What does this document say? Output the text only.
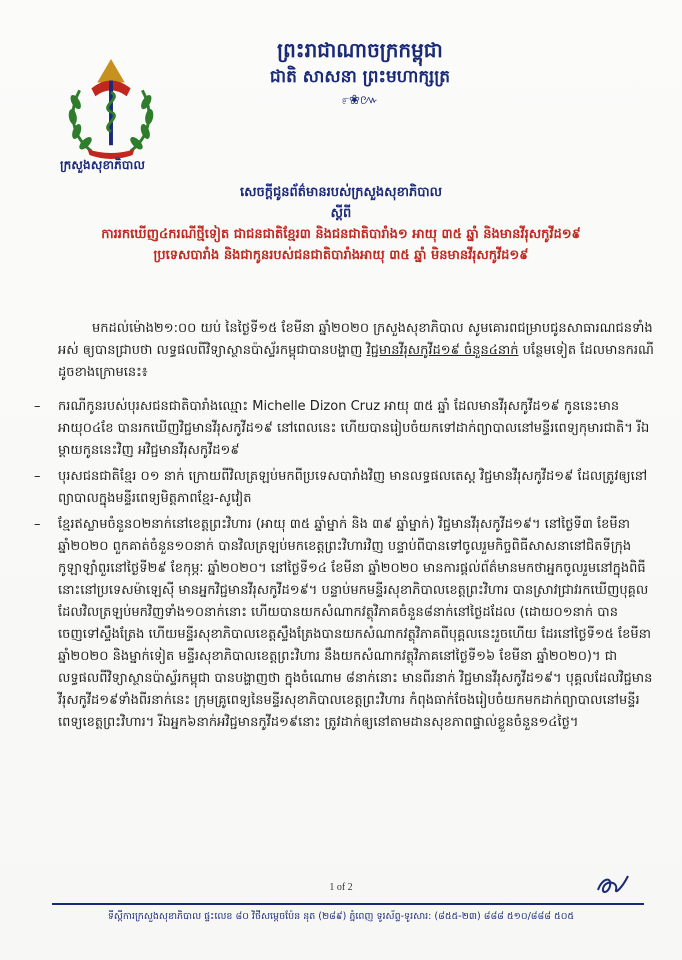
ក្រសួងសុខាភិបាល
ព្រះរាជាណាចក្រកម្ពុជា
ជាតិ សាសនា ព្រះមហាក្សត្រ
೯❀៚
សេចក្តីជូនព័ត៌មានរបស់ក្រសួងសុខាភិបាល
ស្តីពី
ការរកឃើញ៤ករណីថ្មីទៀត ជាជនជាតិខ្មែរ៣ និងជនជាតិបារាំង១ អាយុ ៣៥ ឆ្នាំ និងមានវីរុសកូវីដ១៩
ប្រទេសបារាំង និងជាកូនរបស់ជនជាតិបារាំងអាយុ ៣៥ ឆ្នាំ មិនមានវីរុសកូវីដ១៩

មកដល់ម៉ោង២១:០០ យប់ នៃថ្ងៃទី១៥ ខែមីនា ឆ្នាំ២០២០ ក្រសួងសុខាភិបាល សូមគោរពជម្រាបជូនសាធារណជនទាំងអស់ ឲ្យបានជ្រាបថា លទ្ធផលពីវិទ្យាស្ថានប៉ាស្ទ័រកម្ពុជាបានបង្ហាញ វិជ្ជមានវីរុសកូវីដ១៩ ចំនួន៤នាក់ បន្ថែមទៀត ដែលមានករណីដូចខាងក្រោមនេះ៖

–	ករណីកូនរបស់បុរសជនជាតិបារាំងឈ្មោះ Michelle Dizon Cruz អាយុ ៣៥ ឆ្នាំ ដែលមានវីរុសកូវីដ១៩ កូននេះមានអាយុ០៤ខែ បានរកឃើញវិជ្ជមានវីរុសកូវីដ១៩ នៅពេលនេះ ហើយបានរៀបចំយកទៅដាក់ព្យាបាលនៅមន្ទីរពេទ្យកុមារជាតិ។ រីឯម្តាយកូននេះវិញ អវិជ្ជមានវីរុសកូវីដ១៩
–	បុរសជនជាតិខ្មែរ ០១ នាក់ ក្រោយពីវិលត្រឡប់មកពីប្រទេសបារាំងវិញ មានលទ្ធផលតេស្ត វិជ្ជមានវីរុសកូវីដ១៩ ដែលត្រូវឲ្យនៅព្យាបាលក្នុងមន្ទីរពេទ្យមិត្តភាពខ្មែរ-សូវៀត
–	ខ្មែរឥស្លាមចំនួន០២នាក់នៅខេត្តព្រះវិហារ (អាយុ ៣៥ ឆ្នាំម្នាក់ និង ៣៩ ឆ្នាំម្នាក់) វិជ្ជមានវីរុសកូវីដ១៩។ នៅថ្ងៃទី៣ ខែមីនា ឆ្នាំ២០២០ ពួកគាត់ចំនួន១០នាក់ បានវិលត្រឡប់មកខេត្តព្រះវិហារវិញ បន្ទាប់ពីបានទៅចូលរួមកិច្ចពិធីសាសនានៅជិតទីក្រុងកូឡាឡាំពួរនៅថ្ងៃទី២៩ ខែកុម្ភៈ ឆ្នាំ២០២០។ នៅថ្ងៃទី១៤ ខែមីនា ឆ្នាំ២០២០ មានការផ្តល់ព័ត៌មានមកថាអ្នកចូលរួមនៅក្នុងពិធីនោះនៅប្រទេសម៉ាឡេស៊ី មានអ្នកវិជ្ជមានវីរុសកូវីដ១៩។ បន្ទាប់មកមន្ទីរសុខាភិបាលខេត្តព្រះវិហារ បានស្រាវជ្រាវរកឃើញបុគ្គលដែលវិលត្រឡប់មកវិញទាំង១០នាក់នោះ ហើយបានយកសំណាកវត្ថុវិភាគចំនួន៨នាក់នៅថ្ងៃដដែល (ដោយ០១នាក់ បានចេញទៅស្ទឹងត្រែង ហើយមន្ទីរសុខាភិបាលខេត្តស្ទឹងត្រែងបានយកសំណាកវត្ថុវិភាគពីបុគ្គលនេះរួចហើយ ដែរនៅថ្ងៃទី១៥ ខែមីនា ឆ្នាំ២០២០ និងម្នាក់ទៀត មន្ទីរសុខាភិបាលខេត្តព្រះវិហារ នឹងយកសំណាកវត្ថុវិភាគនៅថ្ងៃទី១៦ ខែមីនា ឆ្នាំ២០២០)។ ជាលទ្ធផលពីវិទ្យាស្ថានប៉ាស្ទ័រកម្ពុជា បានបង្ហាញថា ក្នុងចំណោម ៨នាក់នោះ មានពីរនាក់ វិជ្ជមានវីរុសកូវីដ១៩។ បុគ្គលដែលវិជ្ជមានវីរុសកូវីដ១៩ទាំងពីរនាក់នេះ ក្រុមគ្រូពេទ្យនៃមន្ទីរសុខាភិបាលខេត្តព្រះវិហារ កំពុងធាក់ចែងរៀបចំយកមកដាក់ព្យាបាលនៅមន្ទីរពេទ្យខេត្តព្រះវិហារ។ រីឯអ្នក៦នាក់អវិជ្ជមានកូវីដ១៩នោះ ត្រូវដាក់ឲ្យនៅតាមដានសុខភាពផ្ទាល់ខ្លួនចំនួន១៤ថ្ងៃ។
1 of 2
ទីស្តីការក្រសួងសុខាភិបាល ផ្ទះលេខ ៨០ វិថីសម្តេចប៉ែន នុត (២៨៩) ភ្នំពេញ ទូរស័ព្ទ-ទូរសារ: (៨៥៥-២៣) ៨៨៨ ៥១០/៨៨៨ ៥០៥
